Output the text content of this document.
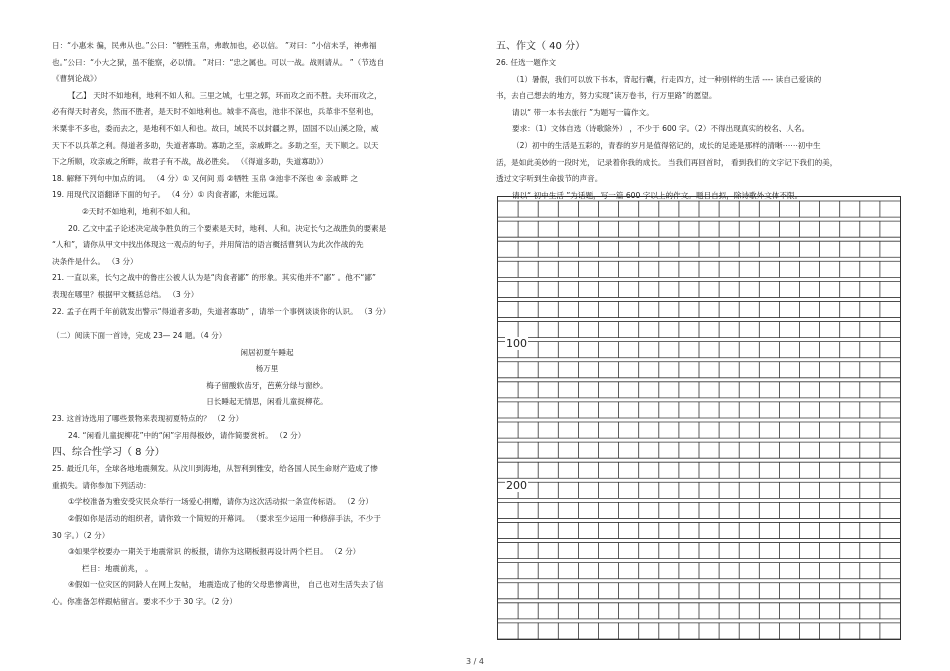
日：“小惠未 徧，民弗从也。”公曰：“牺牲玉帛，弗敢加也，必以信。 ”对曰：“小信未孚，神弗福
也。”公曰：“小大之狱，虽不能察，必以情。 ”对曰：“忠之属也。可以一战。战则请从。 ”（节选自
《曹刿论战》）
【乙】 天时不如地利，地利不如人和。三里之城，七里之郭，环而攻之而不胜。夫环而攻之，
必有得天时者矣，然而不胜者，是天时不如地利也。城非不高也，池非不深也，兵革非不坚利也，
米粟非不多也，委而去之，是地利不如人和也。故曰，域民不以封疆之界，固国不以山溪之险，威
天下不以兵革之利。得道者多助，失道者寡助。寡助之至，亲戚畔之。多助之至，天下顺之。以天
下之所顺，攻亲戚之所畔，故君子有不战，战必胜矣。 （《得道多助，失道寡助》）
18. 解释下列句中加点的词。 （4 分）① 又何间 焉 ②牺牲 玉帛 ③池非不深也 ④ 亲戚畔 之
19. 用现代汉语翻译下面的句子。 （4 分）① 肉食者鄙，未能远谋。
②天时不如地利，地利不如人和。
20. 乙文中孟子论述决定战争胜负的三个要素是天时，地利、人和。决定长勺之战胜负的要素是
“人和”，请你从甲文中找出体现这一观点的句子，并用简洁的语言概括曹刿认为此次作战的先
决条件是什么。 （3 分）
21. 一直以来，长勺之战中的鲁庄公被人认为是“肉食者鄙” 的形象。其实他并不“鄙” 。他不“鄙”
表现在哪里？根据甲文概括总结。 （3 分）
22. 孟子在两千年前就发出警示“得道者多助，失道者寡助” ，请举一个事例谈谈你的认识。 （3 分）
（二）阅读下面一首诗，完成 23— 24 题。（4 分）
闲居初夏午睡起
杨万里
梅子留酸软齿牙，芭蕉分绿与窗纱。
日长睡起无情思，闲看儿童捉柳花。
23. 这首诗选用了哪些景物来表现初夏特点的？ （2 分）
24. “闲看儿童捉柳花”中的“闲”字用得极妙，请作简要赏析。 （2 分）
四、综合性学习（ 8 分）
25. 最近几年，全球各地地震频发。从汶川到海地，从智利到雅安，给各国人民生命财产造成了惨
重损失。请你参加下列活动：
①学校准备为雅安受灾民众举行一场爱心捐赠，请你为这次活动拟一条宣传标语。 （2 分）
②假如你是活动的组织者，请你致一个简短的开幕词。 （要求至少运用一种修辞手法，不少于
30 字。）（2 分）
③如果学校要办一期关于地震常识 的板报，请你为这期板报再设计两个栏目。 （2 分）
栏目：地震前兆， 。
④假如一位灾区的同龄人在网上发帖， 地震造成了他的父母患惨离世， 自己也对生活失去了信
心。你准备怎样跟帖留言。要求不少于 30 字。（2 分）
五、作文（ 40 分）
26. 任选一题作文
（1）暑假，我们可以放下书本，背起行囊，行走四方，过一种别样的生活 ---- 读自己爱读的
书，去自己想去的地方，努力实现“读万卷书，行万里路”的愿望。
请以“ 带一本书去旅行 ”为题写一篇作文。
要求：（1）文体自选（诗歌除外） ，不少于 600 字。（2）不得出现真实的校名、人名。
（2）初中的生活是五彩的，青春的岁月是值得铭记的，成长的足迹是那样的清晰⋯⋯初中生
活，是如此美妙的一段时光， 记录着你我的成长。 当我们再回首时， 看到我们的文字记下我们的美，
透过文字听到生命拔节的声音。
请以“ 初中生活 ”为话题，写一篇 600 字以上的作文。题目自拟，除诗歌外文体不限。
100
200
3 / 4
